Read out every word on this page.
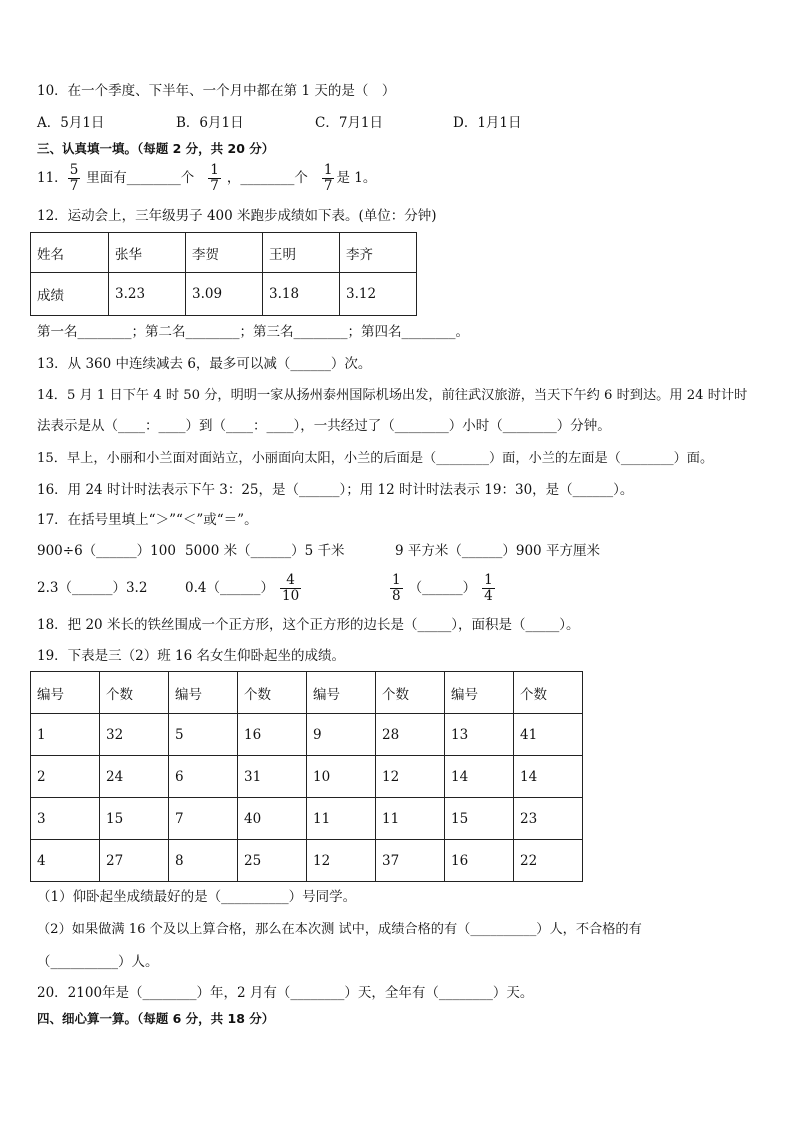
10．在一个季度、下半年、一个月中都在第 1 天的是（　）
A．5月1日	B．6月1日	C．7月1日	D．1月1日
三、认真填一填。（每题 2 分，共 20 分）
11． $\frac{5}{7}$ 里面有________个 $\frac{1}{7}$ ，________个 $\frac{1}{7}$ 是 1。
12．运动会上，三年级男子 400 米跑步成绩如下表。(单位：分钟)
姓名	张华	李贺	王明	李齐
成绩	3.23	3.09	3.18	3.12
第一名________；第二名________；第三名________；第四名________。
13．从 360 中连续减去 6，最多可以减（______）次。
14．5 月 1 日下午 4 时 50 分，明明一家从扬州泰州国际机场出发，前往武汉旅游，当天下午约 6 时到达。用 24 时计时
法表示是从（____：____）到（____：____），一共经过了（________）小时（________）分钟。
15．早上，小丽和小兰面对面站立，小丽面向太阳，小兰的后面是（________）面，小兰的左面是（________）面。
16．用 24 时计时法表示下午 3：25，是（______）；用 12 时计时法表示 19：30，是（______）。
17．在括号里填上“＞”“＜”或“＝”。
900÷6（______）100 5000 米（______）5 千米	9 平方米（______）900 平方厘米
2.3（______）3.2	0.4（______） $\frac{4}{10}$	$\frac{1}{8}$ （______） $\frac{1}{4}$
18．把 20 米长的铁丝围成一个正方形，这个正方形的边长是（_____），面积是（_____）。
19．下表是三（2）班 16 名女生仰卧起坐的成绩。
编号	个数	编号	个数	编号	个数	编号	个数
1	32	5	16	9	28	13	41
2	24	6	31	10	12	14	14
3	15	7	40	11	11	15	23
4	27	8	25	12	37	16	22
（1）仰卧起坐成绩最好的是（__________）号同学。
（2）如果做满 16 个及以上算合格，那么在本次测 试中，成绩合格的有（__________）人，不合格的有
（__________）人。
20．2100年是（________）年，2 月有（________）天，全年有（________）天。
四、细心算一算。（每题 6 分，共 18 分）
